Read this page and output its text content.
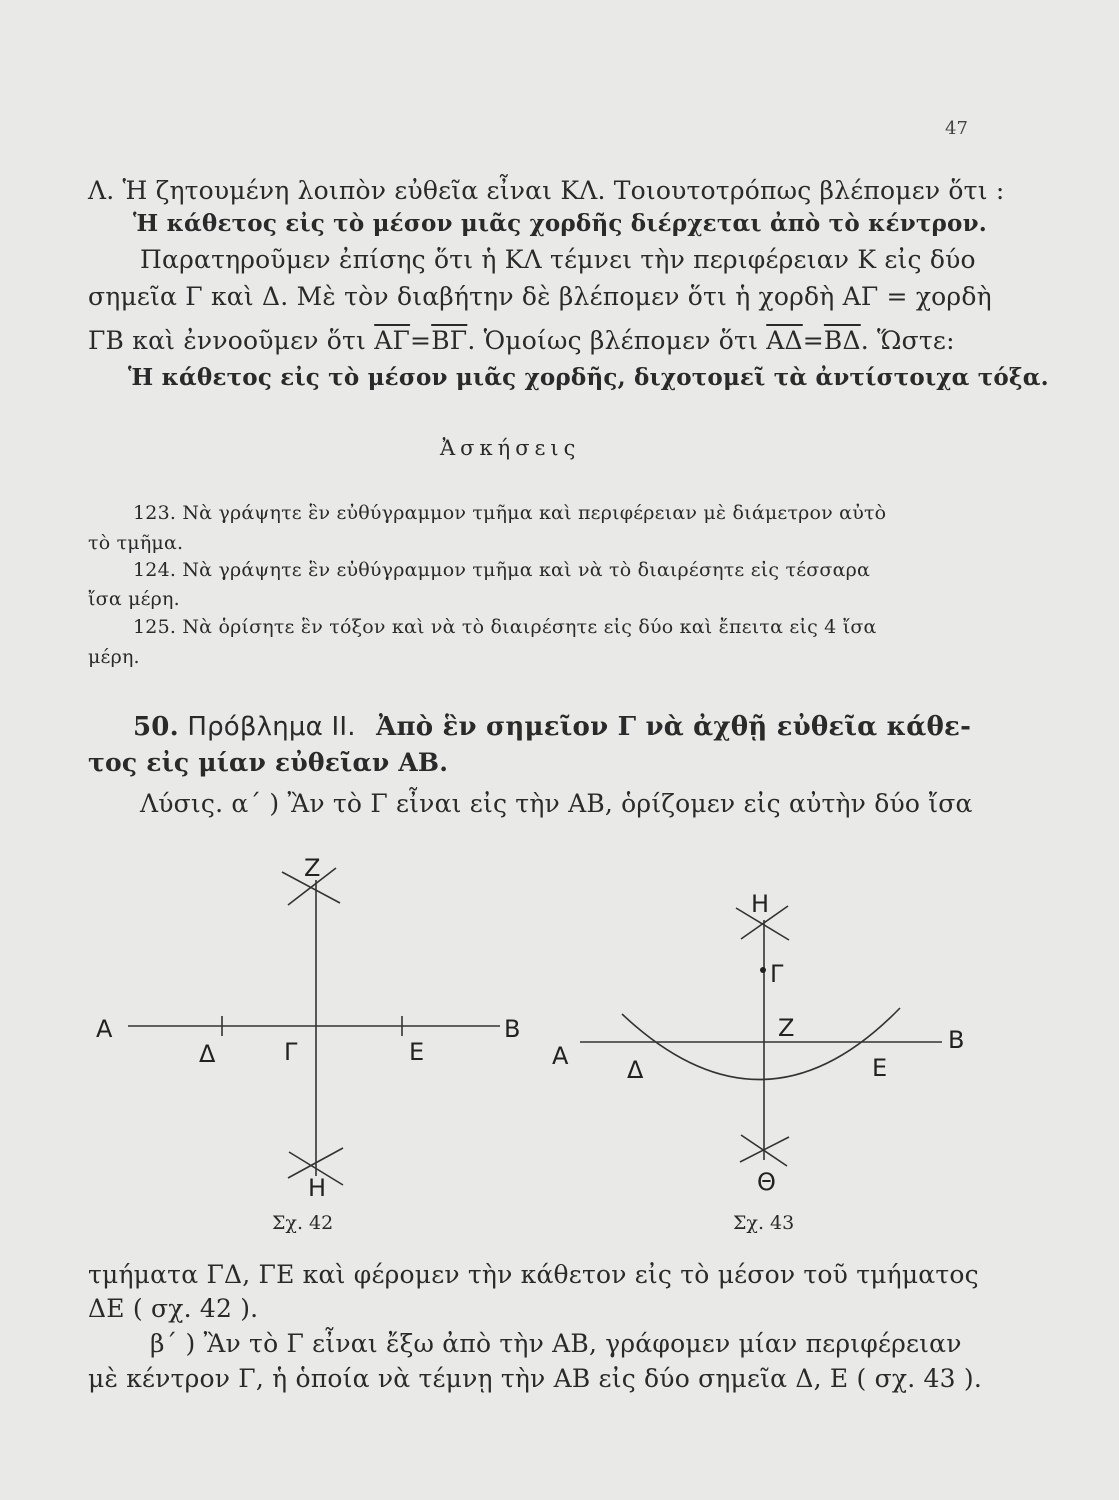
47
Λ. Ἡ ζητουμένη λοιπὸν εὐθεῖα εἶναι ΚΛ. Τοιουτοτρόπως βλέπομεν ὅτι :
Ἡ κάθετος εἰς τὸ μέσον μιᾶς χορδῆς διέρχεται ἀπὸ τὸ κέντρον.
Παρατηροῦμεν ἐπίσης ὅτι ἡ ΚΛ τέμνει τὴν περιφέρειαν Κ εἰς δύο
σημεῖα Γ καὶ Δ. Μὲ τὸν διαβήτην δὲ βλέπομεν ὅτι ἡ χορδὴ ΑΓ = χορδὴ
ΓΒ καὶ ἐννοοῦμεν ὅτι $\overline{A\Gamma}=\overline{B\Gamma}$. Ὁμοίως βλέπομεν ὅτι $\overline{A\Delta}=\overline{B\Delta}$. Ὥστε:
Ἡ κάθετος εἰς τὸ μέσον μιᾶς χορδῆς, διχοτομεῖ τὰ ἀντίστοιχα τόξα.
Ἀσκήσεις
123. Νὰ γράψητε ἓν εὐθύγραμμον τμῆμα καὶ περιφέρειαν μὲ διάμετρον αὐτὸ
τὸ τμῆμα.
124. Νὰ γράψητε ἓν εὐθύγραμμον τμῆμα καὶ νὰ τὸ διαιρέσητε εἰς τέσσαρα
ἴσα μέρη.
125. Νὰ ὁρίσητε ἓν τόξον καὶ νὰ τὸ διαιρέσητε εἰς δύο καὶ ἔπειτα εἰς 4 ἴσα
μέρη.
50. Πρόβλημα ΙΙ. Ἀπὸ ἓν σημεῖον Γ νὰ ἀχθῇ εὐθεῖα κάθε-
τος εἰς μίαν εὐθεῖαν ΑΒ.
Λύσις. α΄ ) Ἂν τὸ Γ εἶναι εἰς τὴν ΑΒ, ὁρίζομεν εἰς αὐτὴν δύο ἴσα
Z
A	B
Δ	Γ	E
H
H
Γ
A
B
Δ
Z
E
Θ
Σχ. 42	Σχ. 43
τμήματα ΓΔ, ΓΕ καὶ φέρομεν τὴν κάθετον εἰς τὸ μέσον τοῦ τμήματος
ΔΕ ( σχ. 42 ).
β΄ ) Ἂν τὸ Γ εἶναι ἔξω ἀπὸ τὴν ΑΒ, γράφομεν μίαν περιφέρειαν
μὲ κέντρον Γ, ἡ ὁποία νὰ τέμνῃ τὴν ΑΒ εἰς δύο σημεῖα Δ, Ε ( σχ. 43 ).
